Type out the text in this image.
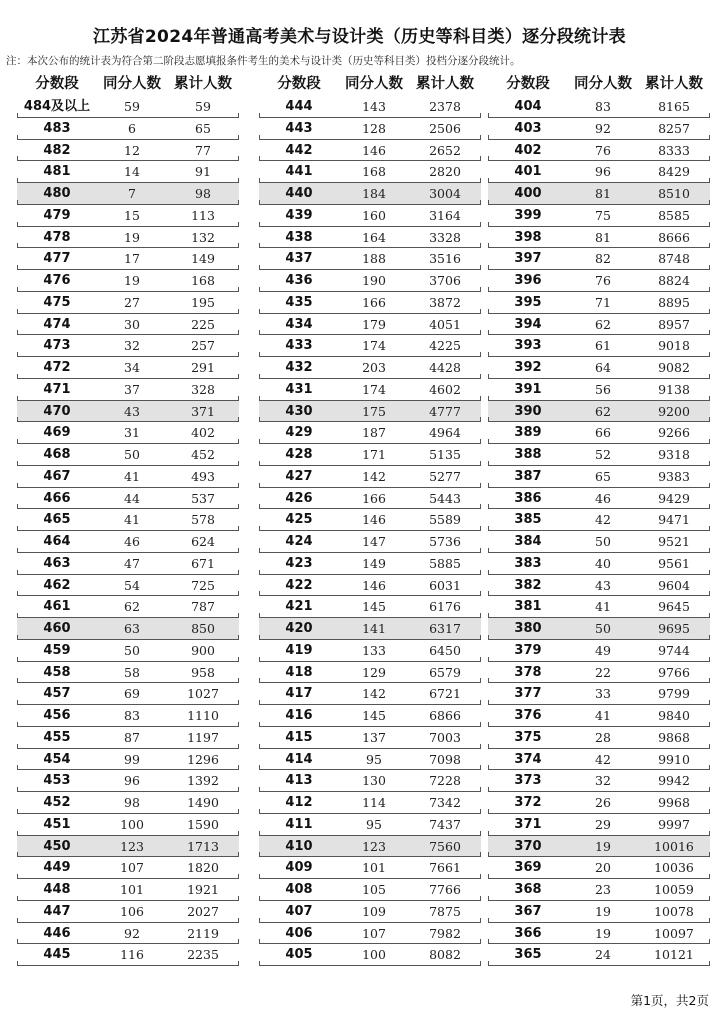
江苏省2024年普通高考美术与设计类（历史等科目类）逐分段统计表
注：本次公布的统计表为符合第二阶段志愿填报条件考生的美术与设计类（历史等科目类）投档分逐分段统计。
分数段	同分人数 累计人数
484及以上	59	59
483	6	65
482	12	77
481	14	91
480	7	98
479	15	113
478	19	132
477	17	149
476	19	168
475	27	195
474	30	225
473	32	257
472	34	291
471	37	328
470	43	371
469	31	402
468	50	452
467	41	493
466	44	537
465	41	578
464	46	624
463	47	671
462	54	725
461	62	787
460	63	850
459	50	900
458	58	958
457	69	1027
456	83	1110
455	87	1197
454	99	1296
453	96	1392
452	98	1490
451	100	1590
450	123	1713
449	107	1820
448	101	1921
447	106	2027
446	92	2119
445	116	2235
分数段	同分人数 累计人数
444	143	2378
443	128	2506
442	146	2652
441	168	2820
440	184	3004
439	160	3164
438	164	3328
437	188	3516
436	190	3706
435	166	3872
434	179	4051
433	174	4225
432	203	4428
431	174	4602
430	175	4777
429	187	4964
428	171	5135
427	142	5277
426	166	5443
425	146	5589
424	147	5736
423	149	5885
422	146	6031
421	145	6176
420	141	6317
419	133	6450
418	129	6579
417	142	6721
416	145	6866
415	137	7003
414	95	7098
413	130	7228
412	114	7342
411	95	7437
410	123	7560
409	101	7661
408	105	7766
407	109	7875
406	107	7982
405	100	8082
分数段	同分人数 累计人数
404	83	8165
403	92	8257
402	76	8333
401	96	8429
400	81	8510
399	75	8585
398	81	8666
397	82	8748
396	76	8824
395	71	8895
394	62	8957
393	61	9018
392	64	9082
391	56	9138
390	62	9200
389	66	9266
388	52	9318
387	65	9383
386	46	9429
385	42	9471
384	50	9521
383	40	9561
382	43	9604
381	41	9645
380	50	9695
379	49	9744
378	22	9766
377	33	9799
376	41	9840
375	28	9868
374	42	9910
373	32	9942
372	26	9968
371	29	9997
370	19	10016
369	20	10036
368	23	10059
367	19	10078
366	19	10097
365	24	10121
第1页，共2页
